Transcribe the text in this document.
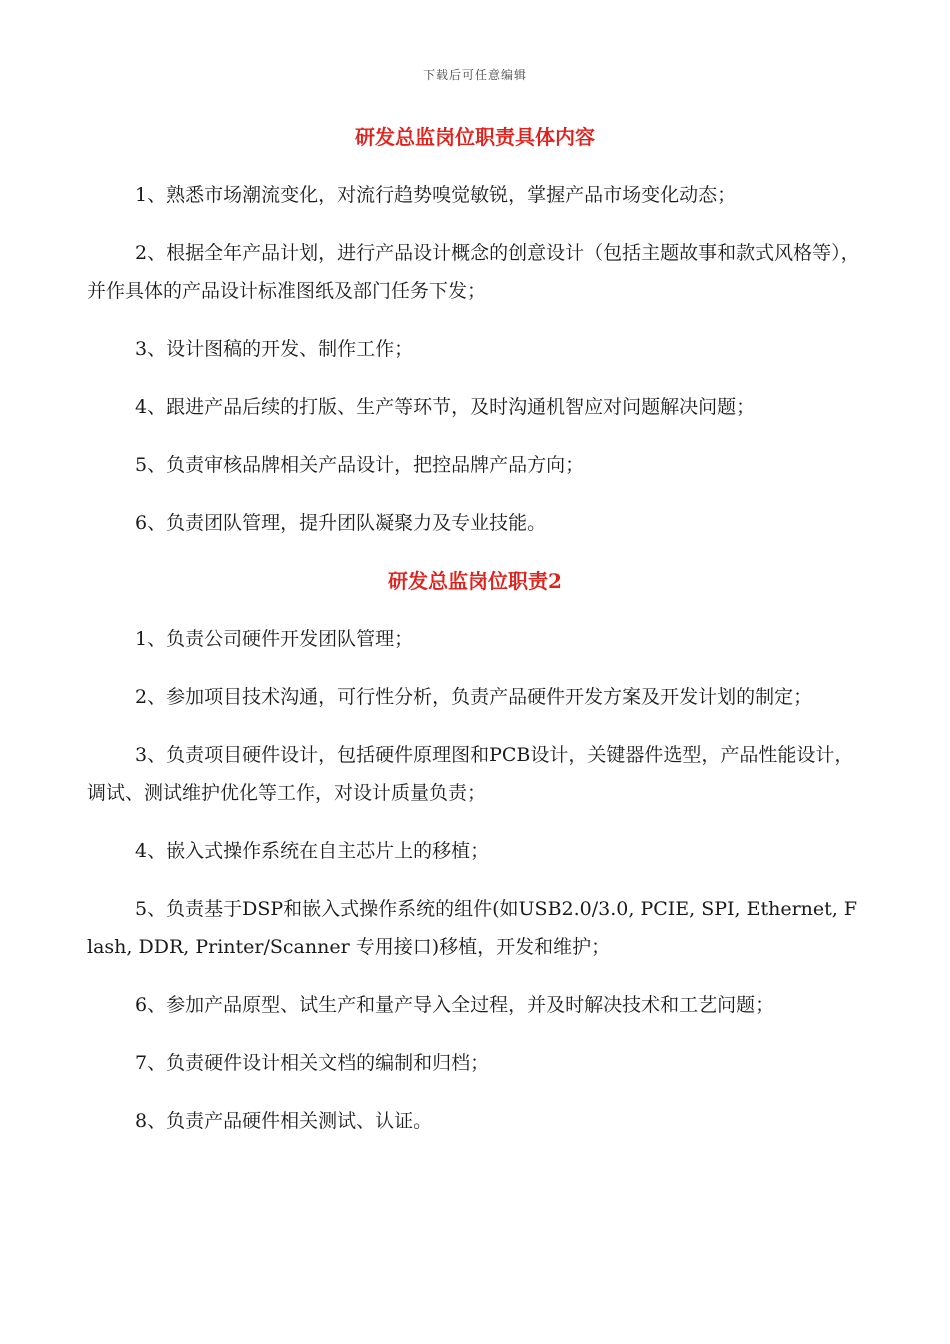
下载后可任意编辑
研发总监岗位职责具体内容

1、熟悉市场潮流变化，对流行趋势嗅觉敏锐，掌握产品市场变化动态；

2、根据全年产品计划，进行产品设计概念的创意设计（包括主题故事和款式风格等），并作具体的产品设计标准图纸及部门任务下发；

3、设计图稿的开发、制作工作；

4、跟进产品后续的打版、生产等环节，及时沟通机智应对问题解决问题；

5、负责审核品牌相关产品设计，把控品牌产品方向；

6、负责团队管理，提升团队凝聚力及专业技能。

研发总监岗位职责2

1、负责公司硬件开发团队管理；

2、参加项目技术沟通，可行性分析，负责产品硬件开发方案及开发计划的制定；

3、负责项目硬件设计，包括硬件原理图和PCB设计，关键器件选型，产品性能设计，调试、测试维护优化等工作，对设计质量负责；

4、嵌入式操作系统在自主芯片上的移植；

5、负责基于DSP和嵌入式操作系统的组件(如USB2.0/3.0, PCIE, SPI, Ethernet, Flash, DDR, Printer/Scanner 专用接口)移植，开发和维护；

6、参加产品原型、试生产和量产导入全过程，并及时解决技术和工艺问题；

7、负责硬件设计相关文档的编制和归档；

8、负责产品硬件相关测试、认证。
